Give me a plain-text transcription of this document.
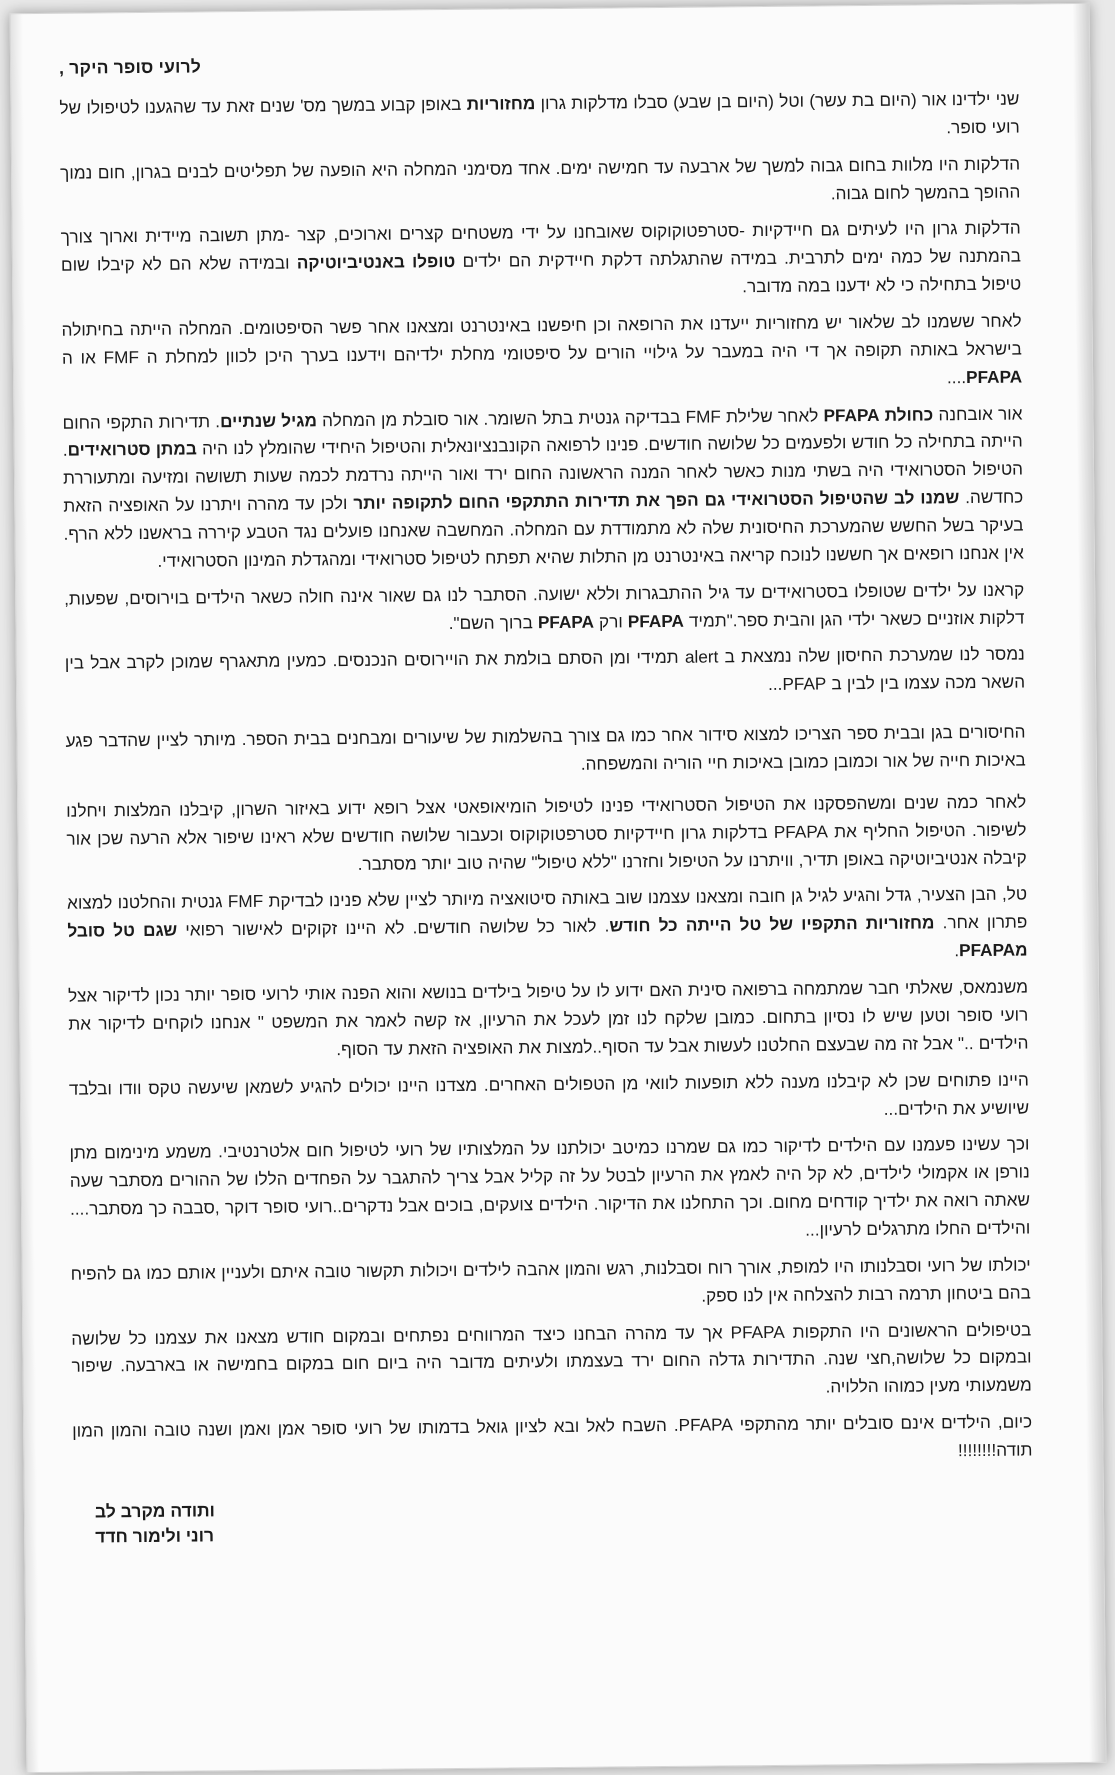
לרועי סופר היקר ,

שני ילדינו אור (היום בת עשר) וטל (היום בן שבע) סבלו מדלקות גרון מחזוריות באופן קבוע במשך מס' שנים זאת עד שהגענו לטיפולו של רועי סופר.

הדלקות היו מלוות בחום גבוה למשך של ארבעה עד חמישה ימים. אחד מסימני המחלה היא הופעה של תפליטים לבנים בגרון, חום נמוך ההופך בהמשך לחום גבוה.

הדלקות גרון היו לעיתים גם חיידקיות -סטרפטוקוקוס שאובחנו על ידי משטחים קצרים וארוכים, קצר -מתן תשובה מיידית וארוך צורך בהמתנה של כמה ימים לתרבית. במידה שהתגלתה דלקת חיידקית הם ילדים טופלו באנטיביוטיקה ובמידה שלא הם לא קיבלו שום טיפול בתחילה כי לא ידענו במה מדובר.

לאחר ששמנו לב שלאור יש מחזוריות ייעדנו את הרופאה וכן חיפשנו באינטרנט ומצאנו אחר פשר הסיפטומים. המחלה הייתה בחיתולה בישראל באותה תקופה אך די היה במעבר על גילויי הורים על סיפטומי מחלת ילדיהם וידענו בערך היכן לכוון למחלת ה FMF או ה PFAPA....

אור אובחנה כחולת PFAPA לאחר שלילת FMF בבדיקה גנטית בתל השומר. אור סובלת מן המחלה מגיל שנתיים. תדירות התקפי החום הייתה בתחילה כל חודש ולפעמים כל שלושה חודשים. פנינו לרפואה הקונבנציונאלית והטיפול היחידי שהומלץ לנו היה במתן סטרואידים. הטיפול הסטרואידי היה בשתי מנות כאשר לאחר המנה הראשונה החום ירד ואור הייתה נרדמת לכמה שעות תשושה ומזיעה ומתעוררת כחדשה. שמנו לב שהטיפול הסטרואידי גם הפך את תדירות התתקפי החום לתקופה יותר ולכן עד מהרה ויתרנו על האופציה הזאת בעיקר בשל החשש שהמערכת החיסונית שלה לא מתמודדת עם המחלה. המחשבה שאנחנו פועלים נגד הטבע קיררה בראשנו ללא הרף. אין אנחנו רופאים אך חששנו לנוכח קריאה באינטרנט מן התלות שהיא תפתח לטיפול סטרואידי ומהגדלת המינון הסטרואידי.

קראנו על ילדים שטופלו בסטרואידים עד גיל ההתבגרות וללא ישועה. הסתבר לנו גם שאור אינה חולה כשאר הילדים בוירוסים, שפעות, דלקות אוזניים כשאר ילדי הגן והבית ספר."תמיד PFAPA ורק PFAPA ברוך השם".

נמסר לנו שמערכת החיסון שלה נמצאת ב alert תמידי ומן הסתם בולמת את הויירוסים הנכנסים. כמעין מתאגרף שמוכן לקרב אבל בין השאר מכה עצמו בין לבין ב PFAP...

החיסורים בגן ובבית ספר הצריכו למצוא סידור אחר כמו גם צורך בהשלמות של שיעורים ומבחנים בבית הספר. מיותר לציין שהדבר פגע באיכות חייה של אור וכמובן כמובן באיכות חיי הוריה והמשפחה.

לאחר כמה שנים ומשהפסקנו את הטיפול הסטרואידי פנינו לטיפול הומיאופאטי אצל רופא ידוע באיזור השרון, קיבלנו המלצות ויחלנו לשיפור. הטיפול החליף את PFAPA בדלקות גרון חיידקיות סטרפטוקוקוס וכעבור שלושה חודשים שלא ראינו שיפור אלא הרעה שכן אור קיבלה אנטיביוטיקה באופן תדיר, וויתרנו על הטיפול וחזרנו "ללא טיפול" שהיה טוב יותר מסתבר.

טל, הבן הצעיר, גדל והגיע לגיל גן חובה ומצאנו עצמנו שוב באותה סיטואציה מיותר לציין שלא פנינו לבדיקת FMF גנטית והחלטנו למצוא פתרון אחר. מחזוריות התקפיו של טל הייתה כל חודש. לאור כל שלושה חודשים. לא היינו זקוקים לאישור רפואי שגם טל סובל מPFAPA.

משנמאס, שאלתי חבר שמתמחה ברפואה סינית האם ידוע לו על טיפול בילדים בנושא והוא הפנה אותי לרועי סופר יותר נכון לדיקור אצל רועי סופר וטען שיש לו נסיון בתחום. כמובן שלקח לנו זמן לעכל את הרעיון, אז קשה לאמר את המשפט " אנחנו לוקחים לדיקור את הילדים .." אבל זה מה שבעצם החלטנו לעשות אבל עד הסוף..למצות את האופציה הזאת עד הסוף.

היינו פתוחים שכן לא קיבלנו מענה ללא תופעות לוואי מן הטפולים האחרים. מצדנו היינו יכולים להגיע לשמאן שיעשה טקס וודו ובלבד שיושיע את הילדים...

וכך עשינו פעמנו עם הילדים לדיקור כמו גם שמרנו כמיטב יכולתנו על המלצותיו של רועי לטיפול חום אלטרנטיבי. משמע מינימום מתן נורפן או אקמולי לילדים, לא קל היה לאמץ את הרעיון לבטל על זה קליל אבל צריך להתגבר על הפחדים הללו של ההורים מסתבר שעה שאתה רואה את ילדיך קודחים מחום. וכך התחלנו את הדיקור. הילדים צועקים, בוכים אבל נדקרים..רועי סופר דוקר ,סבבה כך מסתבר.... והילדים החלו מתרגלים לרעיון...

יכולתו של רועי וסבלנותו היו למופת, אורך רוח וסבלנות, רגש והמון אהבה לילדים ויכולות תקשור טובה איתם ולעניין אותם כמו גם להפיח בהם ביטחון תרמה רבות להצלחה אין לנו ספק.

בטיפולים הראשונים היו התקפות PFAPA אך עד מהרה הבחנו כיצד המרווחים נפתחים ובמקום חודש מצאנו את עצמנו כל שלושה ובמקום כל שלושה,חצי שנה. התדירות גדלה החום ירד בעצמתו ולעיתים מדובר היה ביום חום במקום בחמישה או בארבעה. שיפור משמעותי מעין כמוהו הללויה.

כיום, הילדים אינם סובלים יותר מהתקפי PFAPA. השבח לאל ובא לציון גואל בדמותו של רועי סופר אמן ואמן ושנה טובה והמון המון תודה!!!!!!!!

ותודה מקרב לב
רוני ולימור חדד
